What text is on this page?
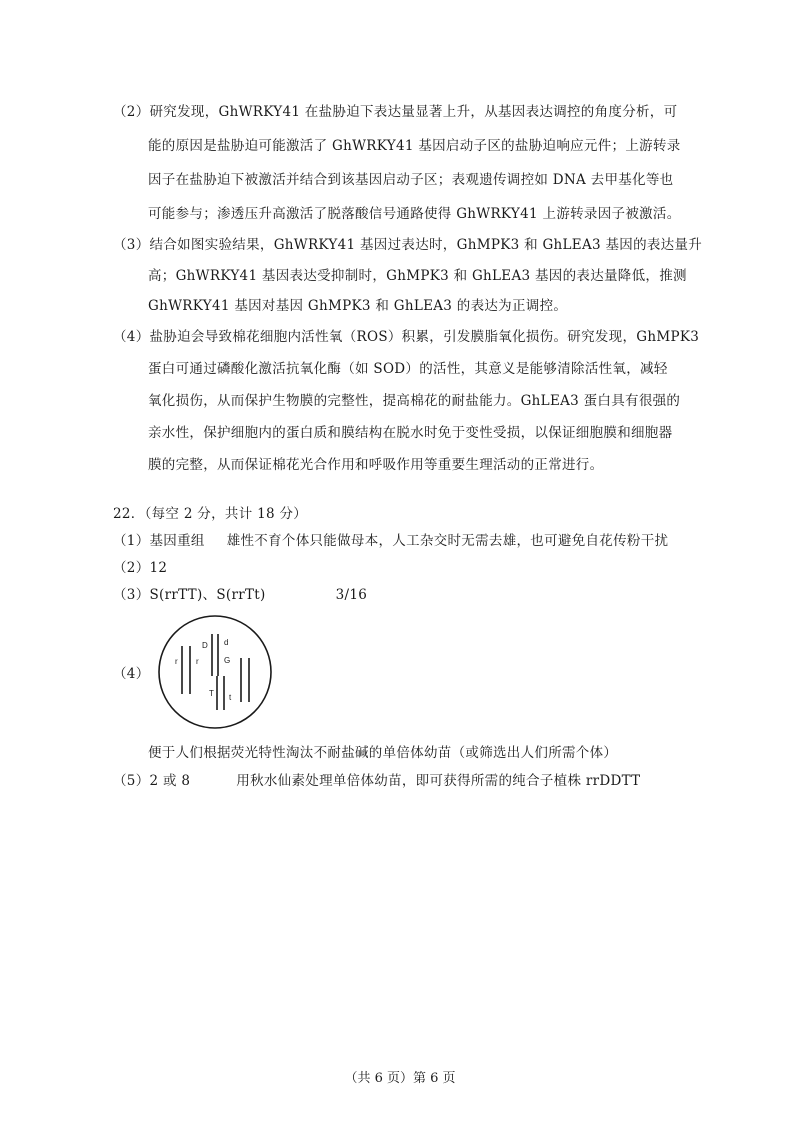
（2）研究发现，GhWRKY41 在盐胁迫下表达量显著上升，从基因表达调控的角度分析，可
能的原因是盐胁迫可能激活了 GhWRKY41 基因启动子区的盐胁迫响应元件；上游转录
因子在盐胁迫下被激活并结合到该基因启动子区；表观遗传调控如 DNA 去甲基化等也
可能参与；渗透压升高激活了脱落酸信号通路使得 GhWRKY41 上游转录因子被激活。
（3）结合如图实验结果，GhWRKY41 基因过表达时，GhMPK3 和 GhLEA3 基因的表达量升
高；GhWRKY41 基因表达受抑制时，GhMPK3 和 GhLEA3 基因的表达量降低，推测
GhWRKY41 基因对基因 GhMPK3 和 GhLEA3 的表达为正调控。
（4）盐胁迫会导致棉花细胞内活性氧（ROS）积累，引发膜脂氧化损伤。研究发现，GhMPK3
蛋白可通过磷酸化激活抗氧化酶（如 SOD）的活性，其意义是能够清除活性氧，减轻
氧化损伤，从而保护生物膜的完整性，提高棉花的耐盐能力。GhLEA3 蛋白具有很强的
亲水性，保护细胞内的蛋白质和膜结构在脱水时免于变性受损，以保证细胞膜和细胞器
膜的完整，从而保证棉花光合作用和呼吸作用等重要生理活动的正常进行。
22．（每空 2 分，共计 18 分）
（1）基因重组 雄性不育个体只能做母本，人工杂交时无需去雄，也可避免自花传粉干扰
（2）12
（3）S(rrTT)、S(rrTt)	3/16
（4）
r r
D d
G
T t
便于人们根据荧光特性淘汰不耐盐碱的单倍体幼苗（或筛选出人们所需个体）
（5）2 或 8	用秋水仙素处理单倍体幼苗，即可获得所需的纯合子植株 rrDDTT
（共 6 页）第 6 页
